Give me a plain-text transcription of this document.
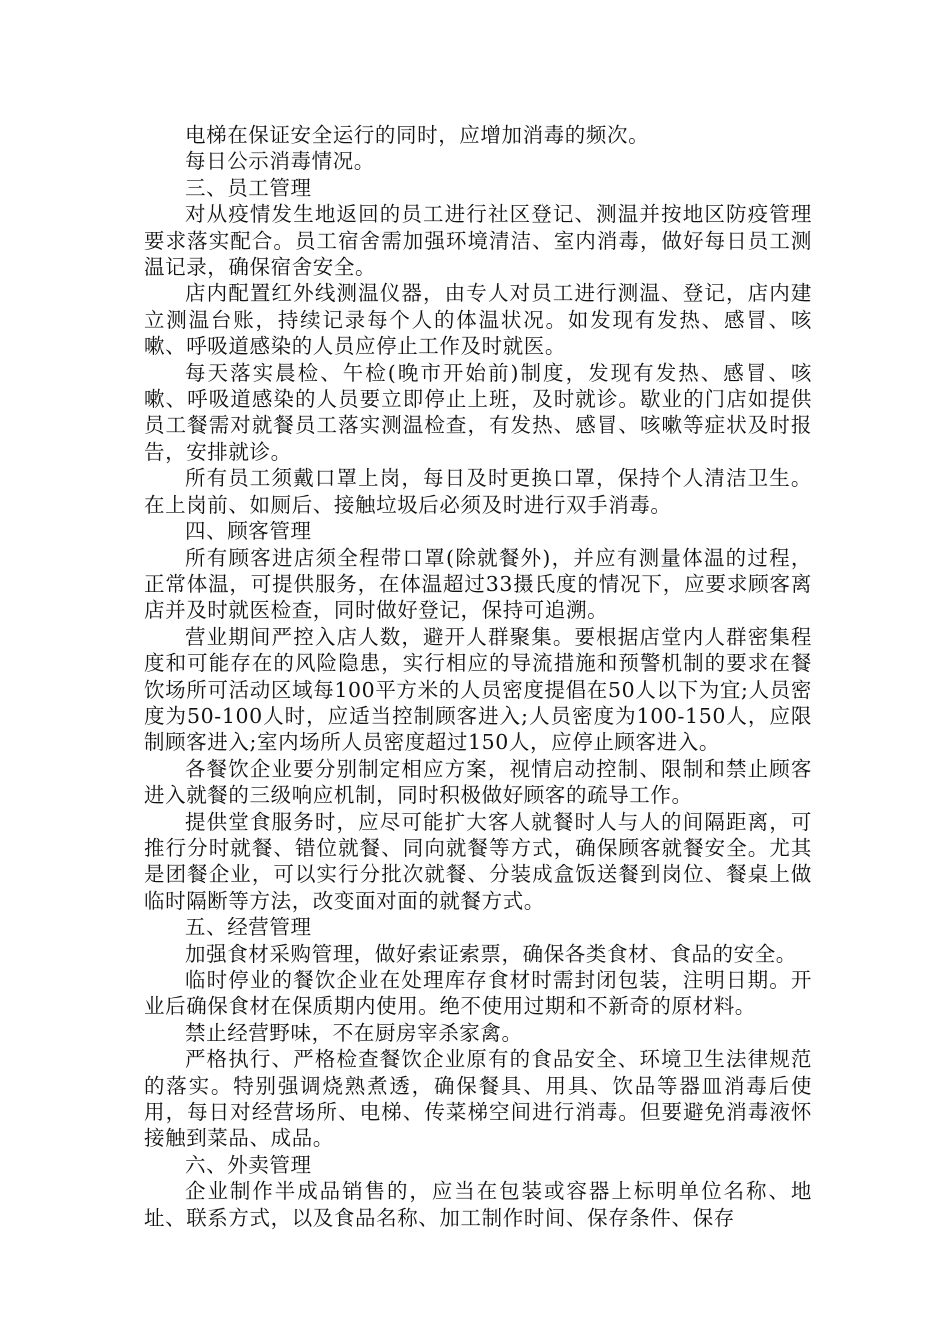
电梯在保证安全运行的同时，应增加消毒的频次。

每日公示消毒情况。

三、员工管理

对从疫情发生地返回的员工进行社区登记、测温并按地区防疫管理要求落实配合。员工宿舍需加强环境清洁、室内消毒，做好每日员工测温记录，确保宿舍安全。

店内配置红外线测温仪器，由专人对员工进行测温、登记，店内建立测温台账，持续记录每个人的体温状况。如发现有发热、感冒、咳嗽、呼吸道感染的人员应停止工作及时就医。

每天落实晨检、午检(晚市开始前)制度，发现有发热、感冒、咳嗽、呼吸道感染的人员要立即停止上班，及时就诊。歇业的门店如提供员工餐需对就餐员工落实测温检查，有发热、感冒、咳嗽等症状及时报告，安排就诊。

所有员工须戴口罩上岗，每日及时更换口罩，保持个人清洁卫生。在上岗前、如厕后、接触垃圾后必须及时进行双手消毒。

四、顾客管理

所有顾客进店须全程带口罩(除就餐外)，并应有测量体温的过程，正常体温，可提供服务，在体温超过33摄氏度的情况下，应要求顾客离店并及时就医检查，同时做好登记，保持可追溯。

营业期间严控入店人数，避开人群聚集。要根据店堂内人群密集程度和可能存在的风险隐患，实行相应的导流措施和预警机制的要求在餐饮场所可活动区域每100平方米的人员密度提倡在50人以下为宜;人员密度为50-100人时，应适当控制顾客进入;人员密度为100-150人，应限制顾客进入;室内场所人员密度超过150人，应停止顾客进入。

各餐饮企业要分别制定相应方案，视情启动控制、限制和禁止顾客进入就餐的三级响应机制，同时积极做好顾客的疏导工作。

提供堂食服务时，应尽可能扩大客人就餐时人与人的间隔距离，可推行分时就餐、错位就餐、同向就餐等方式，确保顾客就餐安全。尤其是团餐企业，可以实行分批次就餐、分装成盒饭送餐到岗位、餐桌上做临时隔断等方法，改变面对面的就餐方式。

五、经营管理

加强食材采购管理，做好索证索票，确保各类食材、食品的安全。

临时停业的餐饮企业在处理库存食材时需封闭包装，注明日期。开业后确保食材在保质期内使用。绝不使用过期和不新奇的原材料。

禁止经营野味，不在厨房宰杀家禽。

严格执行、严格检查餐饮企业原有的食品安全、环境卫生法律规范的落实。特别强调烧熟煮透，确保餐具、用具、饮品等器皿消毒后使用，每日对经营场所、电梯、传菜梯空间进行消毒。但要避免消毒液怀接触到菜品、成品。

六、外卖管理

企业制作半成品销售的，应当在包装或容器上标明单位名称、地址、联系方式，以及食品名称、加工制作时间、保存条件、保存
